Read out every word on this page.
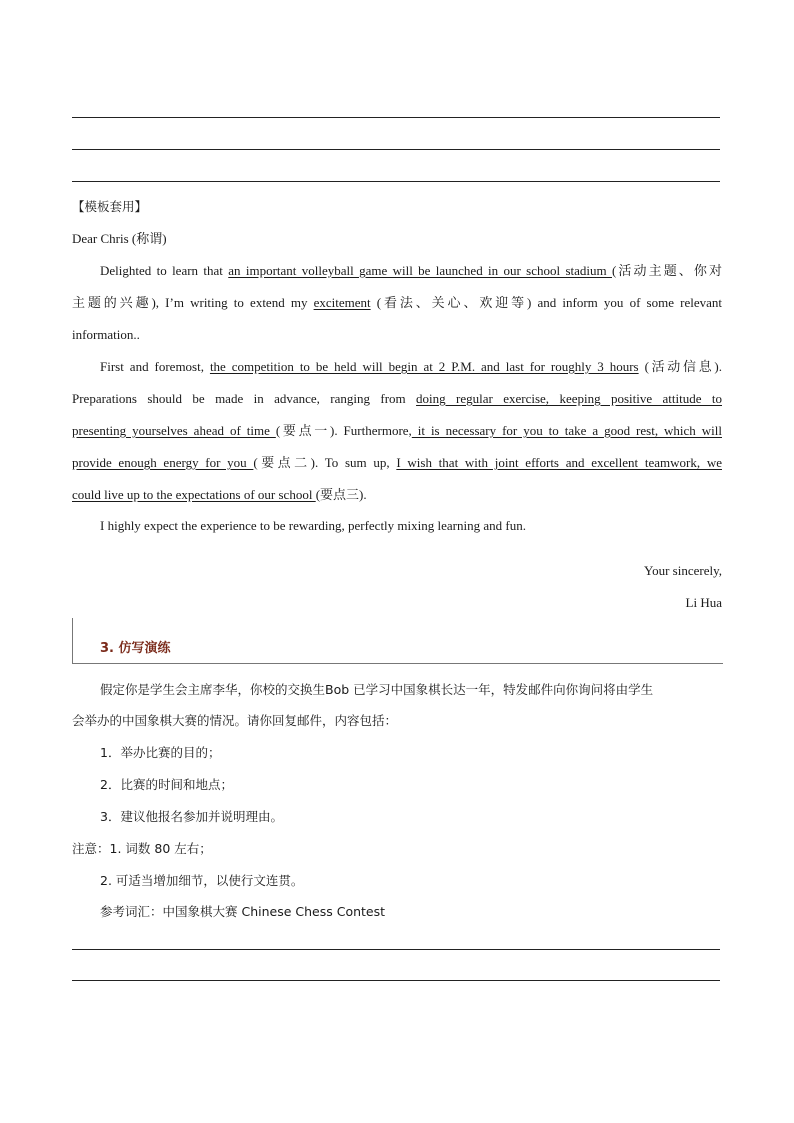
【模板套用】
Dear Chris (称谓)
Delighted to learn that an important volleyball game will be launched in our school stadium (活动主题、你对
主题的兴趣), I’m writing to extend my excitement (看法、关心、欢迎等) and inform you of some relevant
information..
First and foremost, the competition to be held will begin at 2 P.M. and last for roughly 3 hours (活动信息).
Preparations should be made in advance, ranging from doing regular exercise, keeping positive attitude to
presenting yourselves ahead of time (要点一). Furthermore, it is necessary for you to take a good rest, which will
provide enough energy for you (要点二). To sum up, I wish that with joint efforts and excellent teamwork, we
could live up to the expectations of our school (要点三).
I highly expect the experience to be rewarding, perfectly mixing learning and fun.
Your sincerely,
Li Hua
3. 仿写演练
假定你是学生会主席李华，你校的交换生Bob 已学习中国象棋长达一年，特发邮件向你询问将由学生
会举办的中国象棋大赛的情况。请你回复邮件，内容包括：
1．举办比赛的目的；
2．比赛的时间和地点；
3．建议他报名参加并说明理由。
注意：1. 词数 80 左右；
2. 可适当增加细节，以使行文连贯。
参考词汇：中国象棋大赛 Chinese Chess Contest
